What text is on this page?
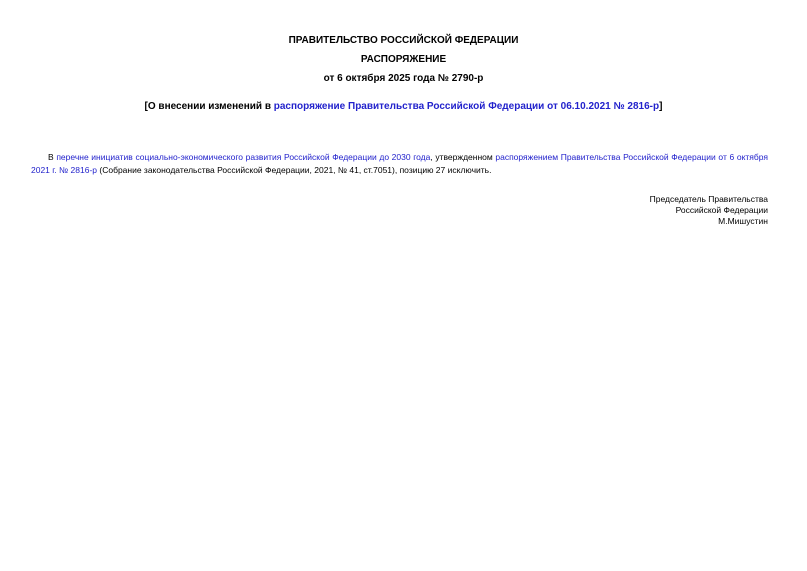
ПРАВИТЕЛЬСТВО РОССИЙСКОЙ ФЕДЕРАЦИИ
РАСПОРЯЖЕНИЕ
от 6 октября 2025 года № 2790-р
[О внесении изменений в распоряжение Правительства Российской Федерации от 06.10.2021 № 2816-р]

В перечне инициатив социально-экономического развития Российской Федерации до 2030 года, утвержденном распоряжением Правительства Российской Федерации от 6 октября 2021 г. № 2816-р (Собрание законодательства Российской Федерации, 2021, № 41, ст.7051), позицию 27 исключить.

Председатель Правительства
Российской Федерации
М.Мишустин
